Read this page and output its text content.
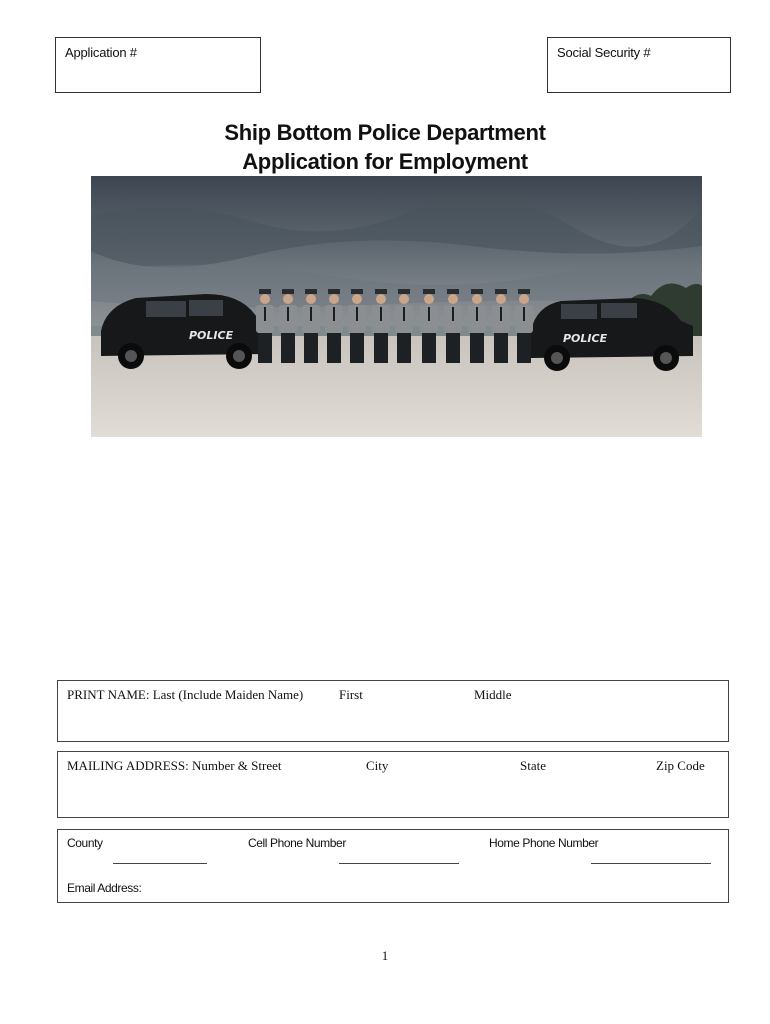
Application #	Social Security #
Ship Bottom Police Department
Application for Employment
POLICE	POLICE
PRINT NAME: Last (Include Maiden Name)	First	Middle
MAILING ADDRESS: Number & Street	City	State	Zip Code
County	Cell Phone Number	Home Phone Number
Email Address:
1
